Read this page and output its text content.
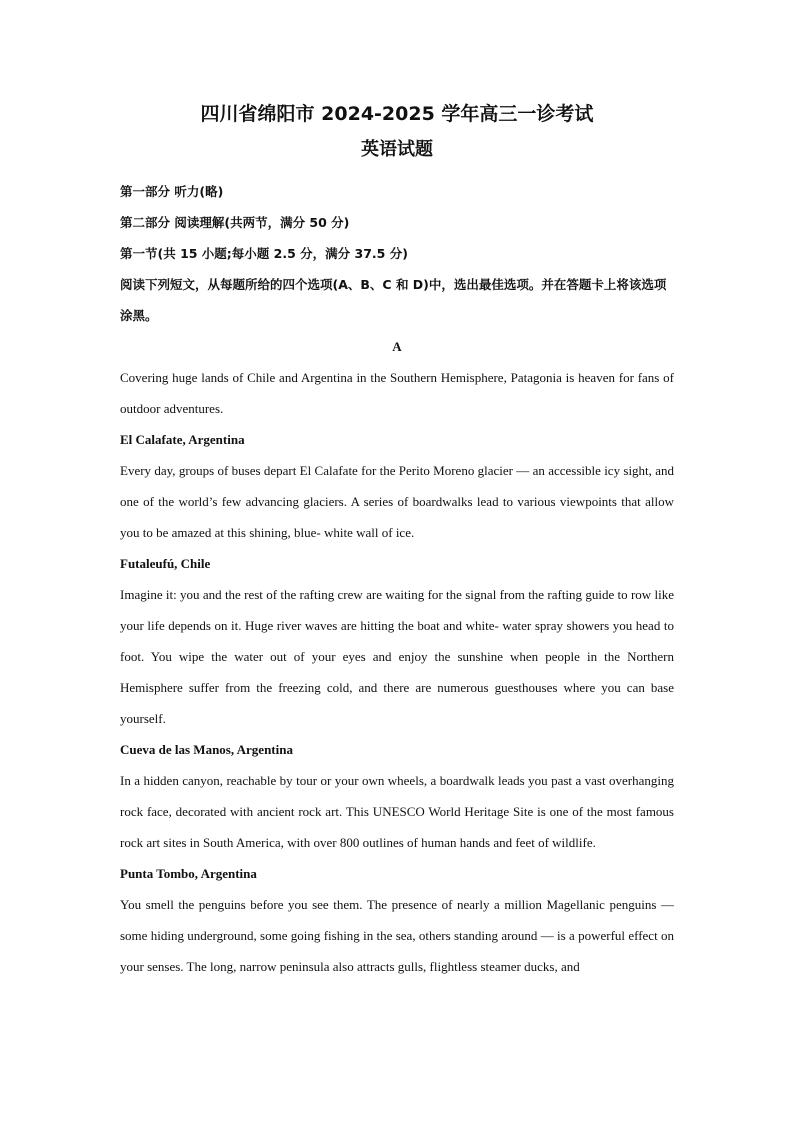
四川省绵阳市 2024-2025 学年高三一诊考试
英语试题

第一部分 听力(略)

第二部分 阅读理解(共两节，满分 50 分)

第一节(共 15 小题;每小题 2.5 分，满分 37.5 分)

阅读下列短文，从每题所给的四个选项(A、B、C 和 D)中，选出最佳选项。并在答题卡上将该选项涂黑。

A

Covering huge lands of Chile and Argentina in the Southern Hemisphere, Patagonia is heaven for fans of outdoor adventures.

El Calafate, Argentina

Every day, groups of buses depart El Calafate for the Perito Moreno glacier — an accessible icy sight, and one of the world’s few advancing glaciers. A series of boardwalks lead to various viewpoints that allow you to be amazed at this shining, blue- white wall of ice.

Futaleufú, Chile

Imagine it: you and the rest of the rafting crew are waiting for the signal from the rafting guide to row like your life depends on it. Huge river waves are hitting the boat and white- water spray showers you head to foot. You wipe the water out of your eyes and enjoy the sunshine when people in the Northern Hemisphere suffer from the freezing cold, and there are numerous guesthouses where you can base yourself.

Cueva de las Manos, Argentina

In a hidden canyon, reachable by tour or your own wheels, a boardwalk leads you past a vast overhanging rock face, decorated with ancient rock art. This UNESCO World Heritage Site is one of the most famous rock art sites in South America, with over 800 outlines of human hands and feet of wildlife.

Punta Tombo, Argentina

You smell the penguins before you see them. The presence of nearly a million Magellanic penguins — some hiding underground, some going fishing in the sea, others standing around — is a powerful effect on your senses. The long, narrow peninsula also attracts gulls, flightless steamer ducks, and
